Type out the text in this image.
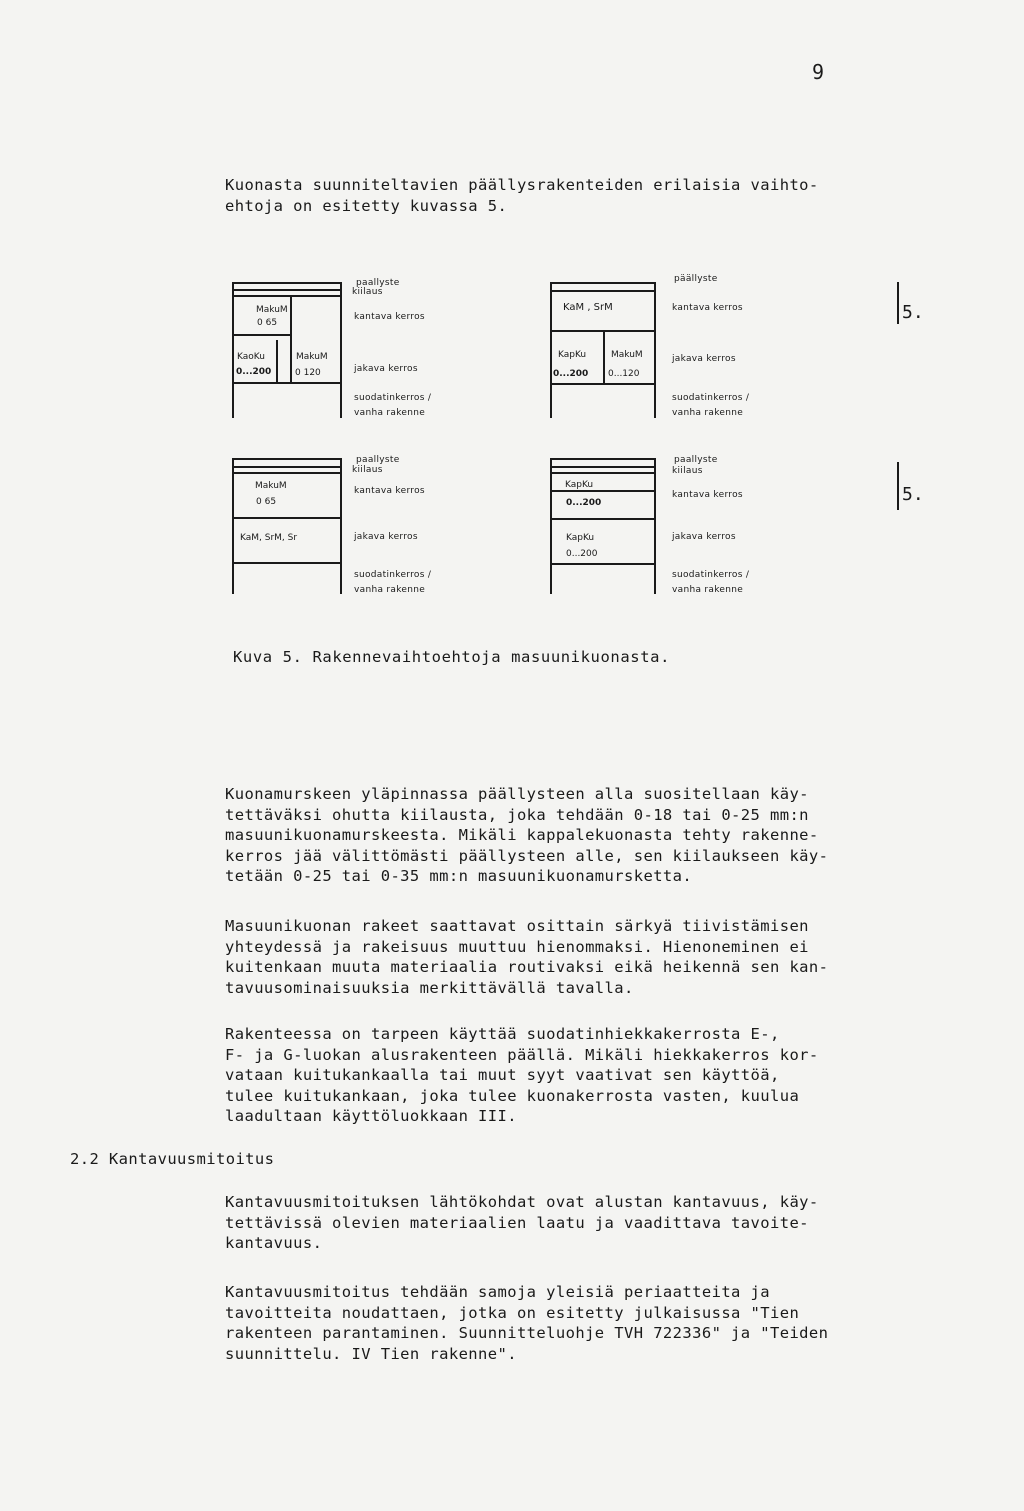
9
Kuonasta suunniteltavien päällysrakenteiden erilaisia vaihto-
ehtoja on esitetty kuvassa 5.
MakuM
0 65
KaoKu
0...200
MakuM
0 120
paallyste
kiilaus
kantava kerros
jakava kerros
suodatinkerros /
vanha rakenne
KaM , SrM
KapKu
0...200
MakuM
0...120
päällyste
kantava kerros
jakava kerros
suodatinkerros /
vanha rakenne
MakuM
0 65
KaM, SrM, Sr
paallyste
kiilaus
kantava kerros
jakava kerros
suodatinkerros /
vanha rakenne
KapKu
0...200
KapKu
0...200
paallyste
kiilaus
kantava kerros
jakava kerros
suodatinkerros /
vanha rakenne
5.
5.
Kuva 5. Rakennevaihtoehtoja masuunikuonasta.
Kuonamurskeen yläpinnassa päällysteen alla suositellaan käy-
tettäväksi ohutta kiilausta, joka tehdään 0-18 tai 0-25 mm:n
masuunikuonamurskeesta. Mikäli kappalekuonasta tehty rakenne-
kerros jää välittömästi päällysteen alle, sen kiilaukseen käy-
tetään 0-25 tai 0-35 mm:n masuunikuonamursketta.
Masuunikuonan rakeet saattavat osittain särkyä tiivistämisen
yhteydessä ja rakeisuus muuttuu hienommaksi. Hienoneminen ei
kuitenkaan muuta materiaalia routivaksi eikä heikennä sen kan-
tavuusominaisuuksia merkittävällä tavalla.
Rakenteessa on tarpeen käyttää suodatinhiekkakerrosta E-,
F- ja G-luokan alusrakenteen päällä. Mikäli hiekkakerros kor-
vataan kuitukankaalla tai muut syyt vaativat sen käyttöä,
tulee kuitukankaan, joka tulee kuonakerrosta vasten, kuulua
laadultaan käyttöluokkaan III.
2.2 Kantavuusmitoitus
Kantavuusmitoituksen lähtökohdat ovat alustan kantavuus, käy-
tettävissä olevien materiaalien laatu ja vaadittava tavoite-
kantavuus.
Kantavuusmitoitus tehdään samoja yleisiä periaatteita ja
tavoitteita noudattaen, jotka on esitetty julkaisussa "Tien
rakenteen parantaminen. Suunnitteluohje TVH 722336" ja "Teiden
suunnittelu. IV Tien rakenne".
